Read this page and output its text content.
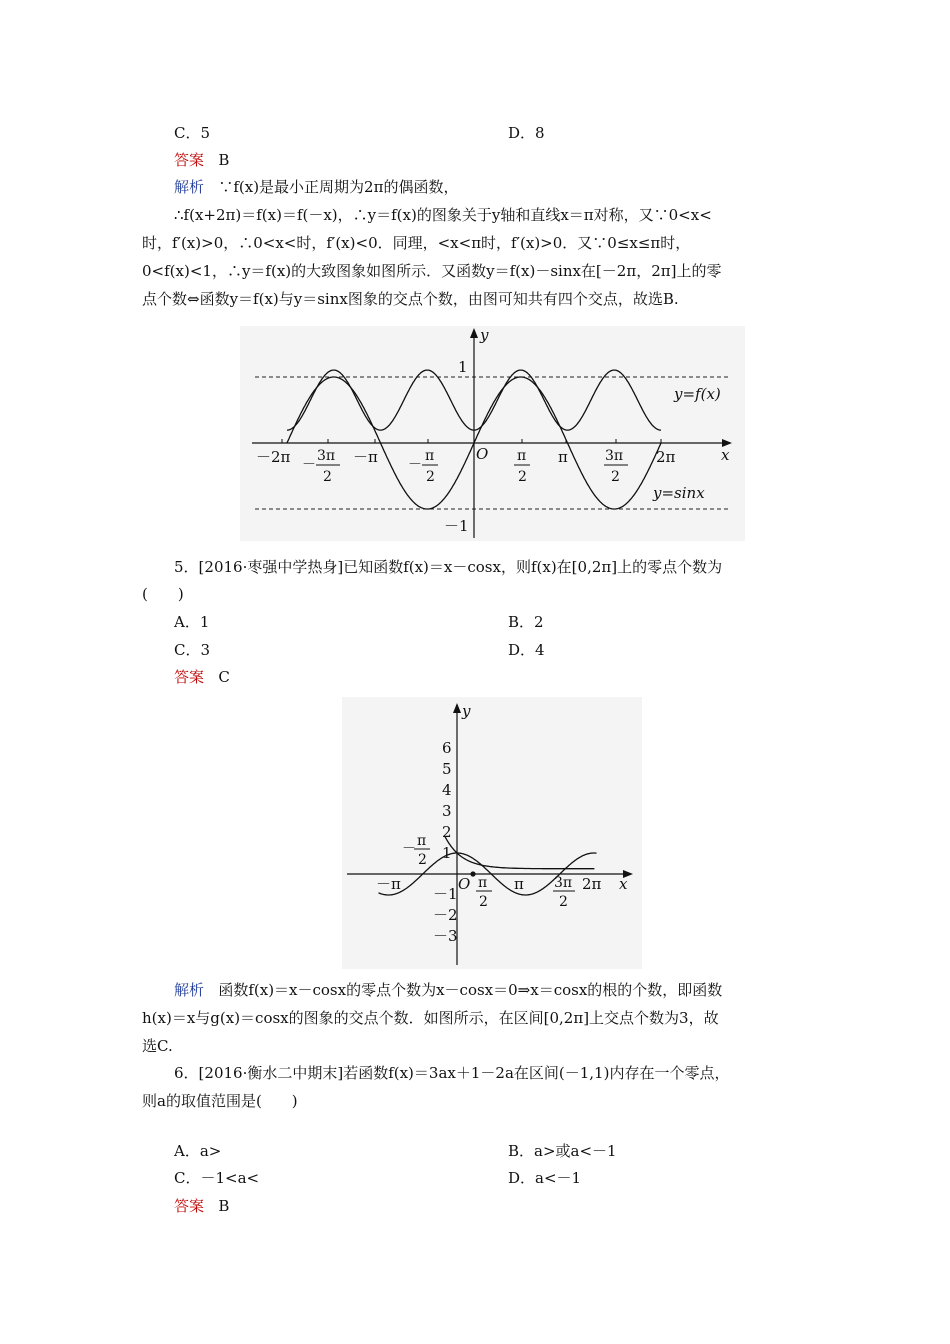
C．5	D．8
答案 B
解析 ∵f(x)是最小正周期为2π的偶函数，
∴f(x+2π)＝f(x)＝f(－x)，∴y＝f(x)的图象关于y轴和直线x＝π对称，又∵0<x<
时，f′(x)>0，∴0<x<时，f′(x)<0．同理，<x<π时，f′(x)>0．又∵0≤x≤π时，
0<f(x)<1，∴y＝f(x)的大致图象如图所示．又函数y＝f(x)－sinx在[－2π，2π]上的零
点个数⇔函数y＝f(x)与y＝sinx图象的交点个数，由图可知共有四个交点，故选B.
y
x
1
－1
O
y=f(x)
y=sinx
－2π －
3π
2
－π －
π
2
π
2
π	3π
2
2π
5．[2016·枣强中学热身]已知函数f(x)＝x－cosx，则f(x)在[0,2π]上的零点个数为
(　　)
A．1	B．2
C．3	D．4
答案 C
y
x
O
6
5
4
3
2
1
－1
－2
－3
－π
－ π
2
π
2
π 3π
2
2π
解析 函数f(x)＝x－cosx的零点个数为x－cosx＝0⇒x＝cosx的根的个数，即函数
h(x)＝x与g(x)＝cosx的图象的交点个数．如图所示，在区间[0,2π]上交点个数为3，故
选C.
6．[2016·衡水二中期末]若函数f(x)＝3ax＋1－2a在区间(－1,1)内存在一个零点，
则a的取值范围是(　　)
A．a>	B．a>或a<－1
C．－1<a<	D．a<－1
答案 B
